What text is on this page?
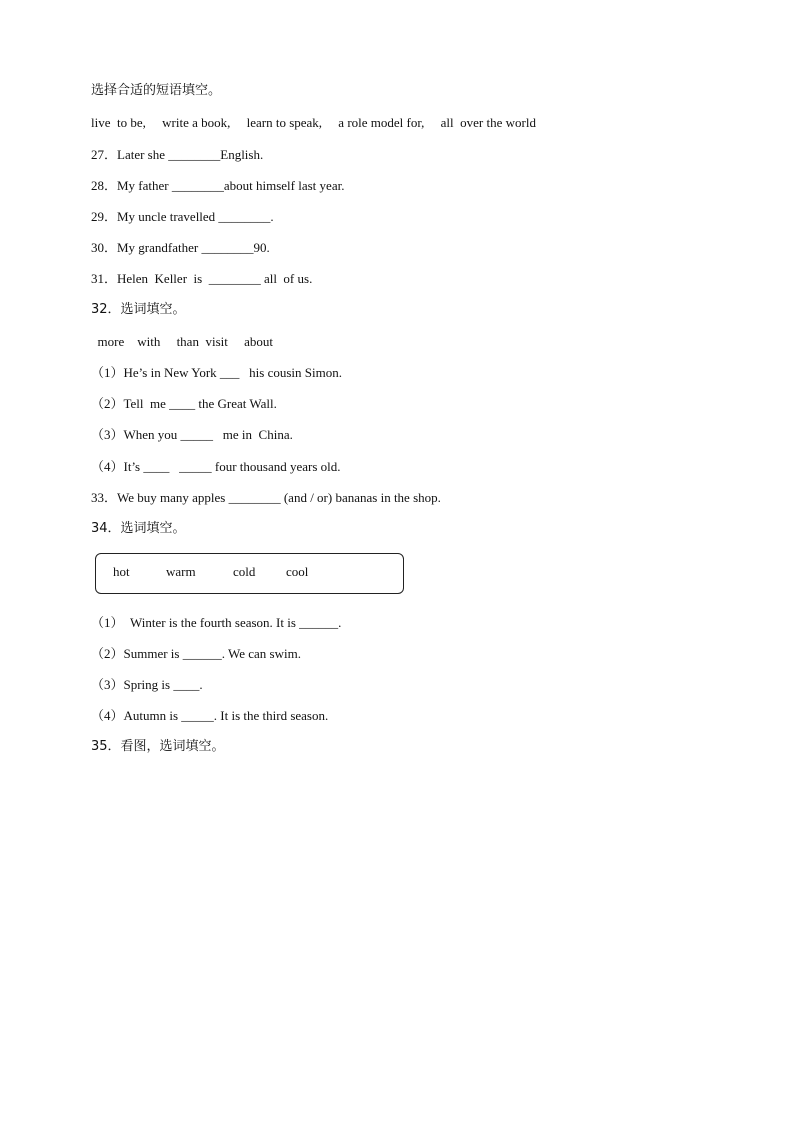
选择合适的短语填空。
live  to be,     write a book,     learn to speak,     a role model for,     all  over the world
27．Later she ________English.
28．My father ________about himself last year.
29．My uncle travelled ________.
30．My grandfather ________90.
31．Helen  Keller  is  ________ all  of us.
32．选词填空。
more    with     than  visit     about
（1）He’s in New York ___   his cousin Simon.
（2）Tell  me ____ the Great Wall.
（3）When you _____   me in  China.
（4）It’s ____   _____ four thousand years old.
33．We buy many apples ________ (and / or) bananas in the shop.
34．选词填空。
hot	warm	cold cool
（1）  Winter is the fourth season. It is ______.
（2）Summer is ______. We can swim.
（3）Spring is ____.
（4）Autumn is _____. It is the third season.
35．看图，选词填空。
